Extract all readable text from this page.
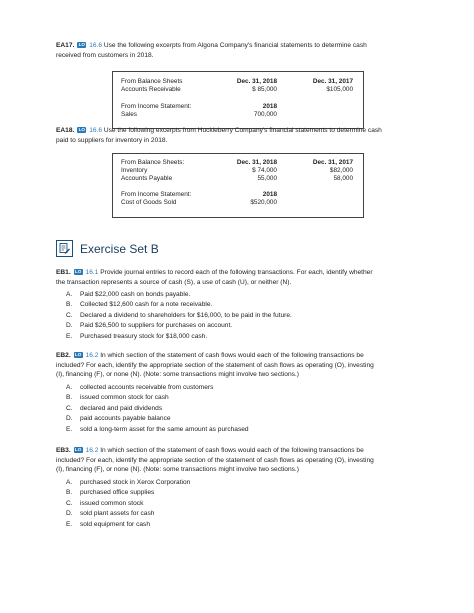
EA17. LO 16.6 Use the following excerpts from Algona Company's financial statements to determine cash
received from customers in 2018.
From Balance Sheets	Dec. 31, 2018	Dec. 31, 2017
Accounts Receivable	$ 85,000	$105,000
From Income Statement:	2018
Sales	700,000
EA18. LO 16.6 Use the following excerpts from Huckleberry Company's financial statements to determine cash
paid to suppliers for inventory in 2018.
From Balance Sheets:	Dec. 31, 2018	Dec. 31, 2017
Inventory	$ 74,000	$82,000
Accounts Payable	55,000	58,000
From Income Statement:	2018
Cost of Goods Sold	$520,000
Exercise Set B
EB1. LO 16.1 Provide journal entries to record each of the following transactions. For each, identify whether
the transaction represents a source of cash (S), a use of cash (U), or neither (N).
A.	Paid $22,000 cash on bonds payable.
B.	Collected $12,600 cash for a note receivable.
C.	Declared a dividend to shareholders for $16,000, to be paid in the future.
D.	Paid $26,500 to suppliers for purchases on account.
E.	Purchased treasury stock for $18,000 cash.
EB2. LO 16.2 In which section of the statement of cash flows would each of the following transactions be
included? For each, identify the appropriate section of the statement of cash flows as operating (O), investing
(I), financing (F), or none (N). (Note: some transactions might involve two sections.)
A.	collected accounts receivable from customers
B.	issued common stock for cash
C.	declared and paid dividends
D.	paid accounts payable balance
E.	sold a long-term asset for the same amount as purchased
EB3. LO 16.2 In which section of the statement of cash flows would each of the following transactions be
included? For each, identify the appropriate section of the statement of cash flows as operating (O), investing
(I), financing (F), or none (N). (Note: some transactions might involve two sections.)
A.	purchased stock in Xerox Corporation
B.	purchased office supplies
C.	issued common stock
D.	sold plant assets for cash
E.	sold equipment for cash
